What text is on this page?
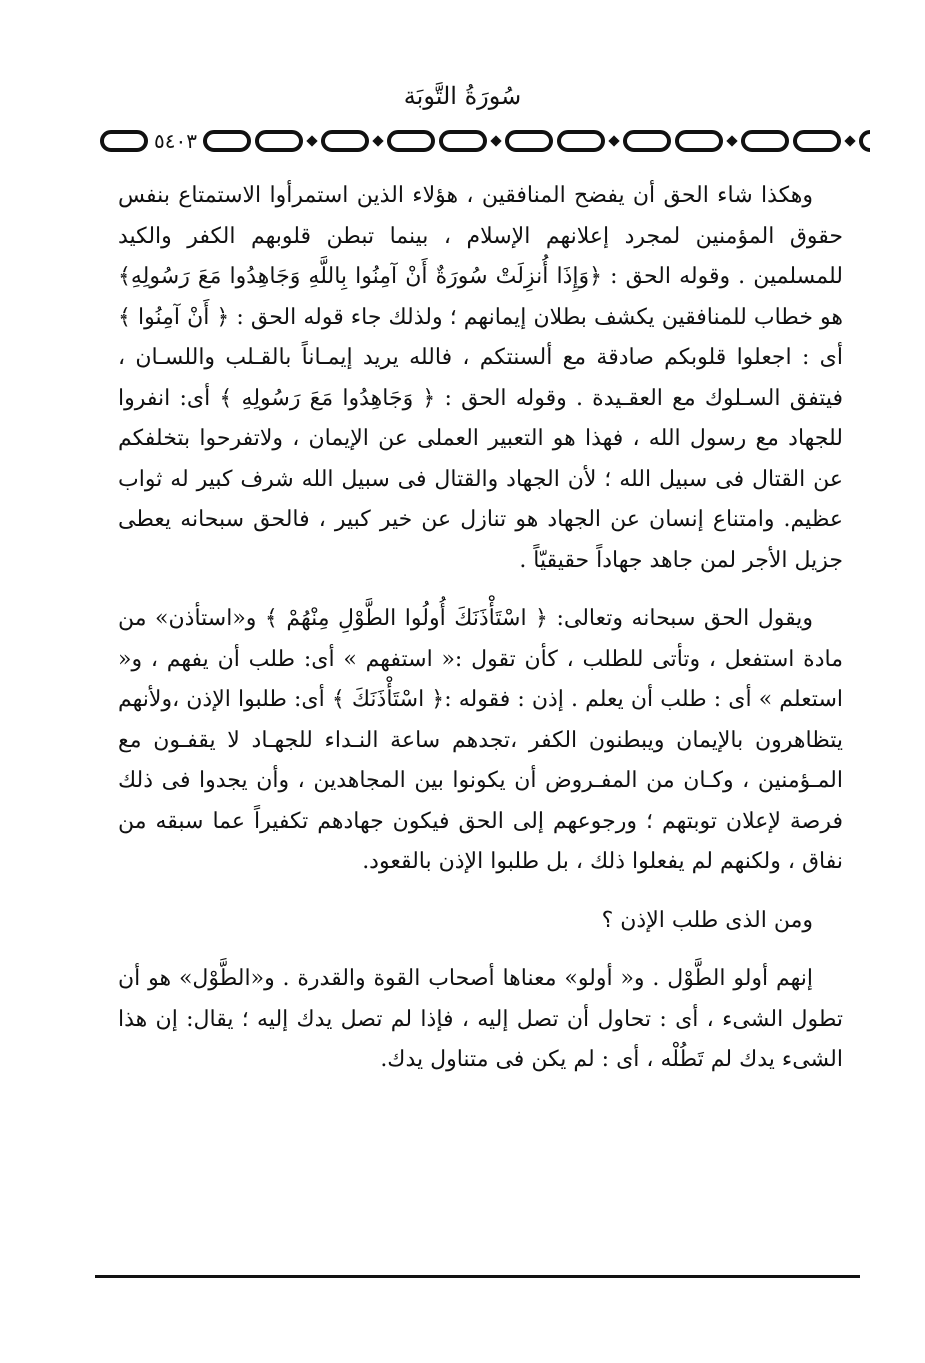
سُورَةُ التَّوبَة
٥٤٠٣

وهكذا شاء الحق أن يفضح المنافقين ، هؤلاء الذين استمرأوا الاستمتاع بنفس حقوق المؤمنين لمجرد إعلانهم الإسلام ، بينما تبطن قلوبهم الكفر والكيد للمسلمين . وقوله الحق : ﴿وَإِذَا أُنزِلَتْ سُورَةٌ أَنْ آمِنُوا بِاللَّهِ وَجَاهِدُوا مَعَ رَسُولِهِ﴾ هو خطاب للمنافقين يكشف بطلان إيمانهم ؛ ولذلك جاء قوله الحق : ﴿ أَنْ آمِنُوا ﴾ أى : اجعلوا قلوبكم صادقة مع ألسنتكم ، فالله يريد إيمـاناً بالقـلب واللسـان ، فيتفق السـلوك مع العقـيدة . وقوله الحق : ﴿ وَجَاهِدُوا مَعَ رَسُولِهِ ﴾ أى: انفروا للجهاد مع رسول الله ، فهذا هو التعبير العملى عن الإيمان ، ولاتفرحوا بتخلفكم عن القتال فى سبيل الله ؛ لأن الجهاد والقتال فى سبيل الله شرف كبير له ثواب عظيم. وامتناع إنسان عن الجهاد هو تنازل عن خير كبير ، فالحق سبحانه يعطى جزيل الأجر لمن جاهد جهاداً حقيقيّاً .

ويقول الحق سبحانه وتعالى: ﴿ اسْتَأْذَنَكَ أُولُوا الطَّوْلِ مِنْهُمْ ﴾ و«استأذن» من مادة استفعل ، وتأتى للطلب ، كأن تقول :« استفهم » أى: طلب أن يفهم ، و« استعلم » أى : طلب أن يعلم . إذن : فقوله :﴿ اسْتَأْذَنَكَ ﴾ أى: طلبوا الإذن ،ولأنهم يتظاهرون بالإيمان ويبطنون الكفر ،تجدهم ساعة النـداء للجهـاد لا يقفـون مع المـؤمنين ، وكـان من المفـروض أن يكونوا بين المجاهدين ، وأن يجدوا فى ذلك فرصة لإعلان توبتهم ؛ ورجوعهم إلى الحق فيكون جهادهم تكفيراً عما سبقه من نفاق ، ولكنهم لم يفعلوا ذلك ، بل طلبوا الإذن بالقعود.

ومن الذى طلب الإذن ؟

إنهم أولو الطَّوْل . و« أولو» معناها أصحاب القوة والقدرة . و«الطَّوْل» هو أن تطول الشىء ، أى : تحاول أن تصل إليه ، فإذا لم تصل يدك إليه ؛ يقال: إن هذا الشىء يدك لم تَطُلْه ، أى : لم يكن فى متناول يدك.
